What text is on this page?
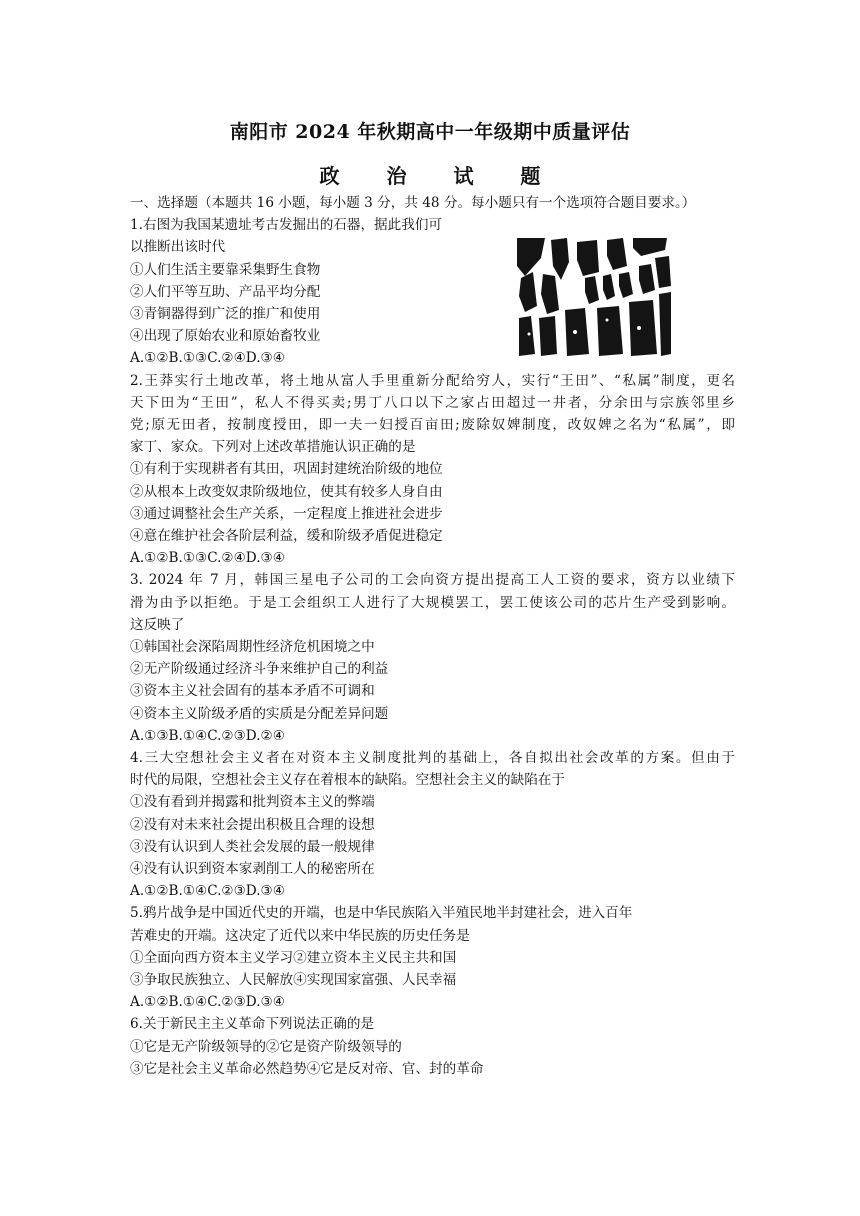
南阳市 2024 年秋期高中一年级期中质量评估
政 治 试 题
一、选择题（本题共 16 小题，每小题 3 分，共 48 分。每小题只有一个选项符合题目要求。）
1.右图为我国某遗址考古发掘出的石器，据此我们可
以推断出该时代
①人们生活主要靠采集野生食物
②人们平等互助、产品平均分配
③青铜器得到广泛的推广和使用
④出现了原始农业和原始畜牧业
A.①②B.①③C.②④D.③④
2.王莽实行土地改革，将土地从富人手里重新分配给穷人，实行“王田”、“私属”制度，更名
天下田为“王田”，私人不得买卖;男丁八口以下之家占田超过一井者，分余田与宗族邻里乡
党;原无田者，按制度授田，即一夫一妇授百亩田;废除奴婢制度，改奴婢之名为“私属”，即
家丁、家众。下列对上述改革措施认识正确的是
①有利于实现耕者有其田，巩固封建统治阶级的地位
②从根本上改变奴隶阶级地位，使其有较多人身自由
③通过调整社会生产关系，一定程度上推进社会进步
④意在维护社会各阶层利益，缓和阶级矛盾促进稳定
A.①②B.①③C.②④D.③④
3. 2024 年 7 月，韩国三星电子公司的工会向资方提出提高工人工资的要求，资方以业绩下
滑为由予以拒绝。于是工会组织工人进行了大规模罢工，罢工使该公司的芯片生产受到影响。
这反映了
①韩国社会深陷周期性经济危机困境之中
②无产阶级通过经济斗争来维护自己的利益
③资本主义社会固有的基本矛盾不可调和
④资本主义阶级矛盾的实质是分配差异问题
A.①③B.①④C.②③D.②④
4.三大空想社会主义者在对资本主义制度批判的基础上，各自拟出社会改革的方案。但由于
时代的局限，空想社会主义存在着根本的缺陷。空想社会主义的缺陷在于
①没有看到并揭露和批判资本主义的弊端
②没有对未来社会提出积极且合理的设想
③没有认识到人类社会发展的最一般规律
④没有认识到资本家剥削工人的秘密所在
A.①②B.①④C.②③D.③④
5.鸦片战争是中国近代史的开端，也是中华民族陷入半殖民地半封建社会，进入百年
苦难史的开端。这决定了近代以来中华民族的历史任务是
①全面向西方资本主义学习②建立资本主义民主共和国
③争取民族独立、人民解放④实现国家富强、人民幸福
A.①②B.①④C.②③D.③④
6.关于新民主主义革命下列说法正确的是
①它是无产阶级领导的②它是资产阶级领导的
③它是社会主义革命必然趋势④它是反对帝、官、封的革命
